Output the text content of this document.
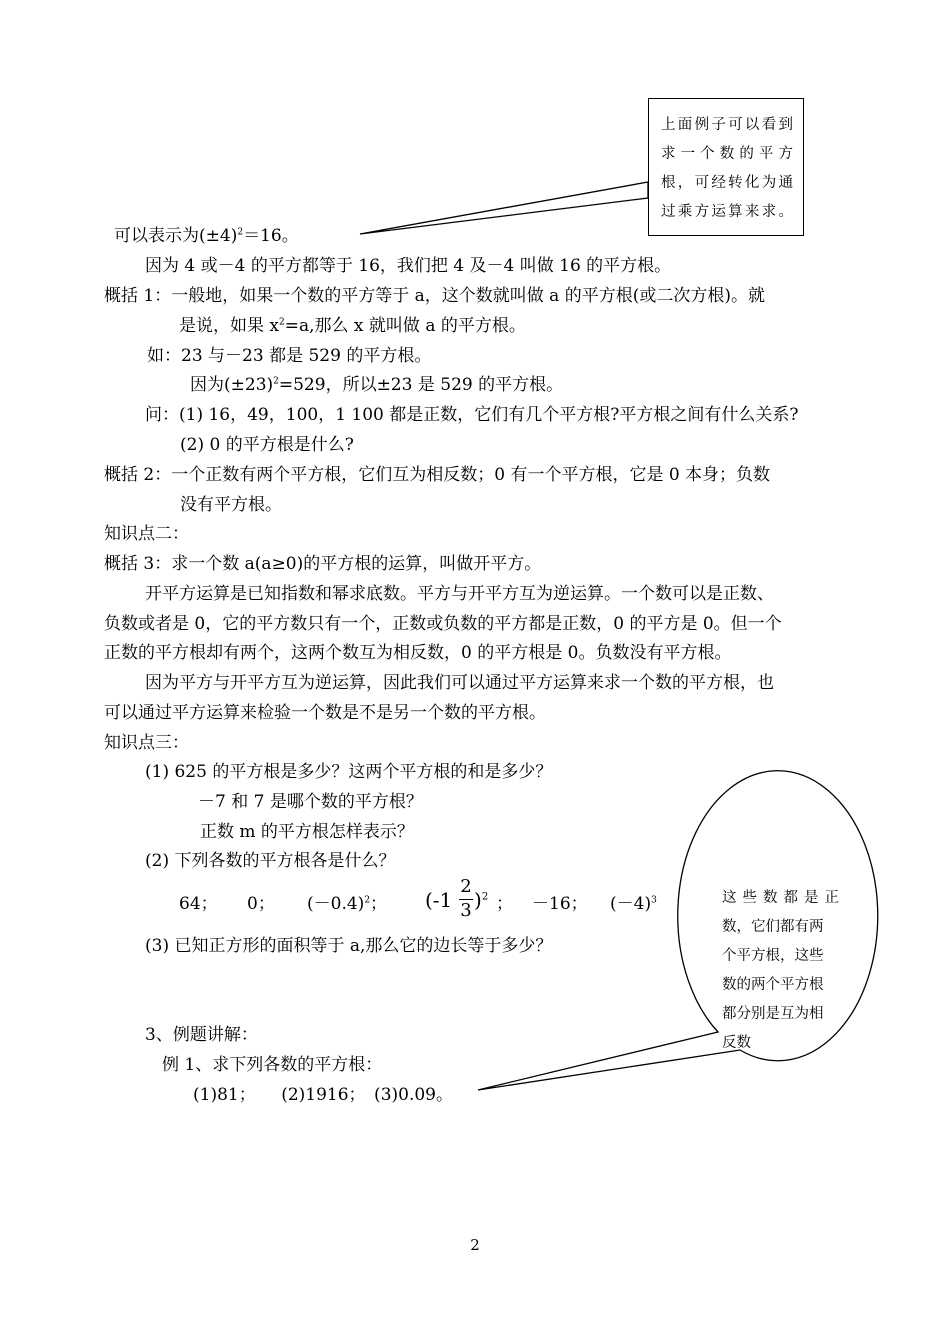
上面例子可以看到
求一个数的平方
根，可经转化为通
过乘方运算来求。
这些数都是正
数，它们都有两
个平方根，这些
数的两个平方根
都分别是互为相
反数
可以表示为$(\pm 4)^2=16$。
因为 4 或－4 的平方都等于 16，我们把 4 及－4 叫做 16 的平方根。
概括 1：一般地，如果一个数的平方等于 a，这个数就叫做 a 的平方根(或二次方根)。就
是说，如果 $x^2=a$,那么 x 就叫做 a 的平方根。
如：23 与－23 都是 529 的平方根。
因为$(\pm 23)^2=529$，所以±23 是 529 的平方根。
问：(1) 16，49，100，1 100 都是正数，它们有几个平方根?平方根之间有什么关系?
(2) 0 的平方根是什么?
概括 2：一个正数有两个平方根，它们互为相反数；0 有一个平方根，它是 0 本身；负数
没有平方根。
知识点二：
概括 3：求一个数 a(a≥0)的平方根的运算，叫做开平方。
开平方运算是已知指数和幂求底数。平方与开平方互为逆运算。一个数可以是正数、
负数或者是 0，它的平方数只有一个，正数或负数的平方都是正数，0 的平方是 0。但一个
正数的平方根却有两个，这两个数互为相反数，0 的平方根是 0。负数没有平方根。
因为平方与开平方互为逆运算，因此我们可以通过平方运算来求一个数的平方根，也
可以通过平方运算来检验一个数是不是另一个数的平方根。
知识点三：
(1) 625 的平方根是多少？这两个平方根的和是多少？
－7 和 7 是哪个数的平方根？
正数 m 的平方根怎样表示？
(2) 下列各数的平方根各是什么？
64； 0； $(-0.4)^2$； (-1
2
3 )$^2$ ； －16； $(-4)^3$
(3) 已知正方形的面积等于 a,那么它的边长等于多少？
3、例题讲解：
例 1、求下列各数的平方根：
(1)81；　　(2)1916；　(3)0.09。
2
